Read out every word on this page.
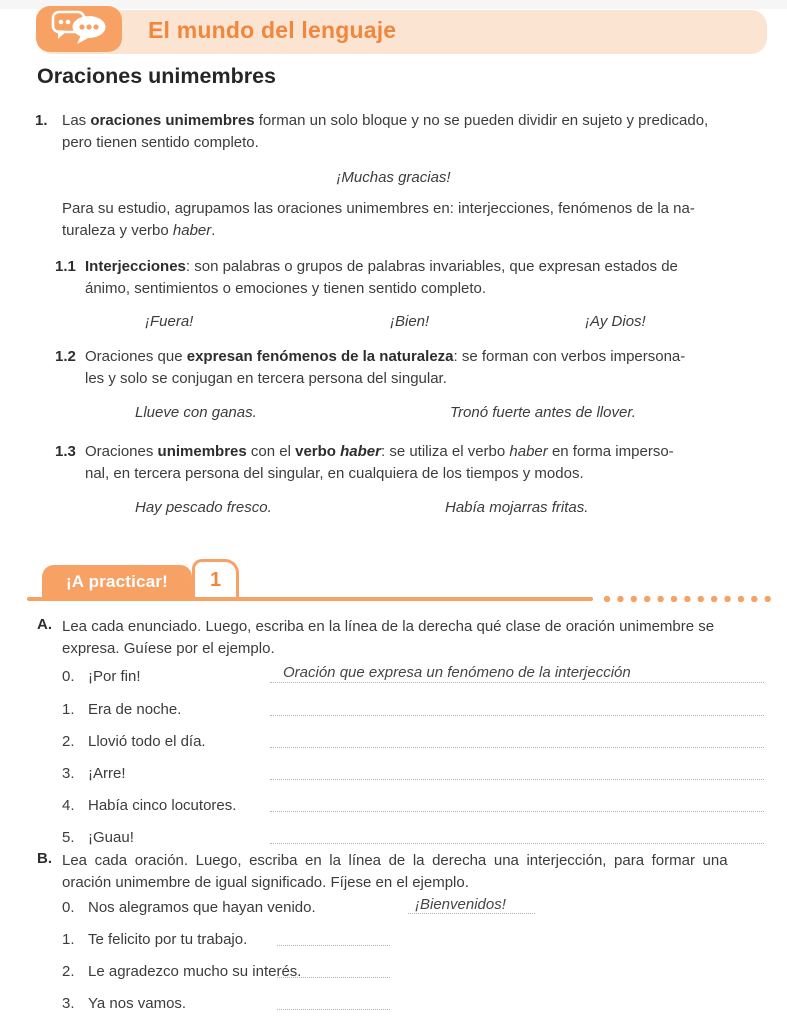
El mundo del lenguaje
Oraciones unimembres
1. Las oraciones unimembres forman un solo bloque y no se pueden dividir en sujeto y predicado,
pero tienen sentido completo.
¡Muchas gracias!
Para su estudio, agrupamos las oraciones unimembres en: interjecciones, fenómenos de la na-
turaleza y verbo haber.
1.1 Interjecciones: son palabras o grupos de palabras invariables, que expresan estados de
ánimo, sentimientos o emociones y tienen sentido completo.
¡Fuera!	¡Bien!	¡Ay Dios!
1.2 Oraciones que expresan fenómenos de la naturaleza: se forman con verbos impersona-
les y solo se conjugan en tercera persona del singular.
Llueve con ganas.	Tronó fuerte antes de llover.
1.3 Oraciones unimembres con el verbo haber: se utiliza el verbo haber en forma imperso-
nal, en tercera persona del singular, en cualquiera de los tiempos y modos.
Hay pescado fresco.	Había mojarras fritas.
¡A practicar! 1
A. Lea cada enunciado. Luego, escriba en la línea de la derecha qué clase de oración unimembre se
expresa. Guíese por el ejemplo.
0. ¡Por fin!	Oración que expresa un fenómeno de la interjección
1. Era de noche.
2. Llovió todo el día.
3. ¡Arre!
4. Había cinco locutores.
5. ¡Guau!
B. Lea cada oración. Luego, escriba en la línea de la derecha una interjección, para formar una
oración unimembre de igual significado. Fíjese en el ejemplo.
0. Nos alegramos que hayan venido.	¡Bienvenidos!
1. Te felicito por tu trabajo.
2. Le agradezco mucho su interés.
3. Ya nos vamos.
